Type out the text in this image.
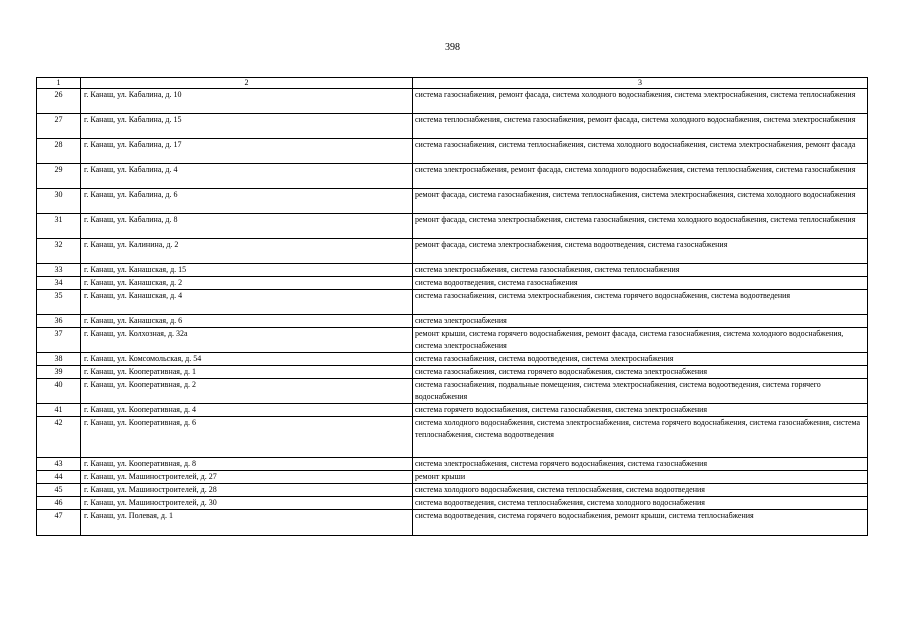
398
1	2	3
26	г. Канаш, ул. Кабалина, д. 10	система газоснабжения, ремонт фасада, система холодного водоснабжения, система электроснабжения, система теплоснабжения
27	г. Канаш, ул. Кабалина, д. 15	система теплоснабжения, система газоснабжения, ремонт фасада, система холодного водоснабжения, система электроснабжения
28	г. Канаш, ул. Кабалина, д. 17	система газоснабжения, система теплоснабжения, система холодного водоснабжения, система электроснабжения, ремонт фасада
29	г. Канаш, ул. Кабалина, д. 4	система электроснабжения, ремонт фасада, система холодного водоснабжения, система теплоснабжения, система газоснабжения
30	г. Канаш, ул. Кабалина, д. 6	ремонт фасада, система газоснабжения, система теплоснабжения, система электроснабжения, система холодного водоснабжения
31	г. Канаш, ул. Кабалина, д. 8	ремонт фасада, система электроснабжения, система газоснабжения, система холодного водоснабжения, система теплоснабжения
32	г. Канаш, ул. Калинина, д. 2	ремонт фасада, система электроснабжения, система водоотведения, система газоснабжения
33	г. Канаш, ул. Канашская, д. 15	система электроснабжения, система газоснабжения, система теплоснабжения
34	г. Канаш, ул. Канашская, д. 2	система водоотведения, система газоснабжения
35	г. Канаш, ул. Канашская, д. 4	система газоснабжения, система электроснабжения, система горячего водоснабжения, система водоотведения
36	г. Канаш, ул. Канашская, д. 6	система электроснабжения
37	г. Канаш, ул. Колхозная, д. 32а	ремонт крыши, система горячего водоснабжения, ремонт фасада, система газоснабжения, система холодного водоснабжения, система электроснабжения
38	г. Канаш, ул. Комсомольская, д. 54	система газоснабжения, система водоотведения, система электроснабжения
39	г. Канаш, ул. Кооперативная, д. 1	система газоснабжения, система горячего водоснабжения, система электроснабжения
40	г. Канаш, ул. Кооперативная, д. 2	система газоснабжения, подвальные помещения, система электроснабжения, система водоотведения, система горячего водоснабжения
41	г. Канаш, ул. Кооперативная, д. 4	система горячего водоснабжения, система газоснабжения, система электроснабжения
42	г. Канаш, ул. Кооперативная, д. 6	система холодного водоснабжения, система электроснабжения, система горячего водоснабжения, система газоснабжения, система теплоснабжения, система водоотведения
43	г. Канаш, ул. Кооперативная, д. 8	система электроснабжения, система горячего водоснабжения, система газоснабжения
44	г. Канаш, ул. Машиностроителей, д. 27	ремонт крыши
45	г. Канаш, ул. Машиностроителей, д. 28	система холодного водоснабжения, система теплоснабжения, система водоотведения
46	г. Канаш, ул. Машиностроителей, д. 30	система водоотведения, система теплоснабжения, система холодного водоснабжения
47	г. Канаш, ул. Полевая, д. 1	система водоотведения, система горячего водоснабжения, ремонт крыши, система теплоснабжения
